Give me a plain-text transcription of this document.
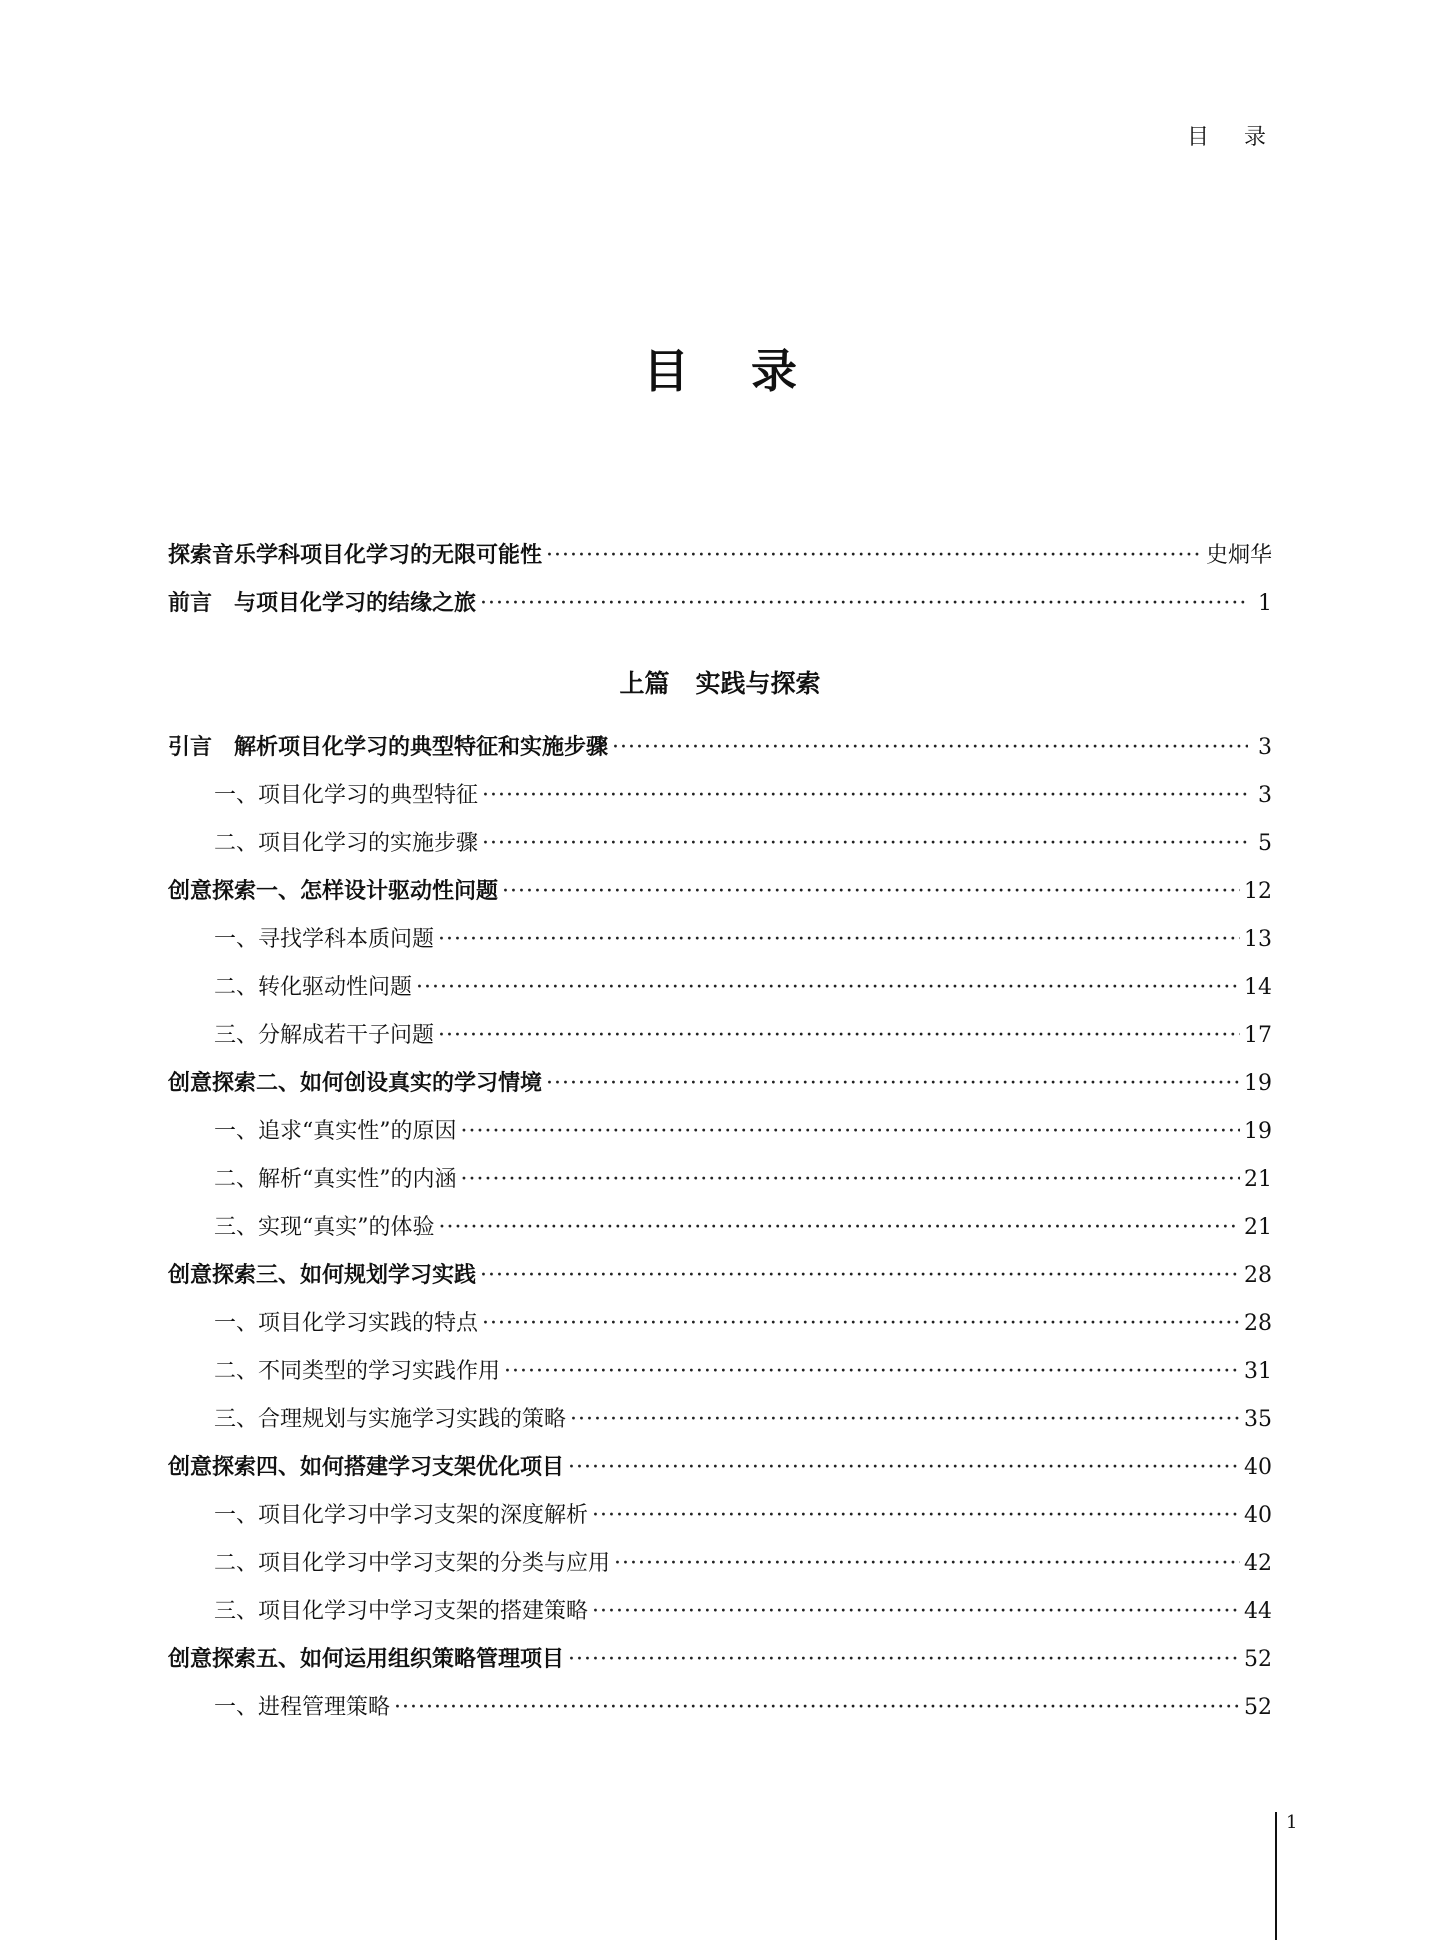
目 录
目 录
探索音乐学科项目化学习的无限可能性 ·····	史炯华
前言　与项目化学习的结缘之旅 ·····	1
上篇 实践与探索
引言　解析项目化学习的典型特征和实施步骤 ·····	3
一、项目化学习的典型特征 ·····	3
二、项目化学习的实施步骤 ·····	5
创意探索一、怎样设计驱动性问题 ·····	12
一、寻找学科本质问题 ·····	13
二、转化驱动性问题 ·····	14
三、分解成若干子问题 ·····	17
创意探索二、如何创设真实的学习情境 ·····	19
一、追求“真实性”的原因 ·····	19
二、解析“真实性”的内涵 ·····	21
三、实现“真实”的体验 ·····	21
创意探索三、如何规划学习实践 ·····	28
一、项目化学习实践的特点 ·····	28
二、不同类型的学习实践作用 ·····	31
三、合理规划与实施学习实践的策略 ·····	35
创意探索四、如何搭建学习支架优化项目 ·····	40
一、项目化学习中学习支架的深度解析 ·····	40
二、项目化学习中学习支架的分类与应用 ·····	42
三、项目化学习中学习支架的搭建策略 ·····	44
创意探索五、如何运用组织策略管理项目 ·····	52
一、进程管理策略 ·····	52
1
